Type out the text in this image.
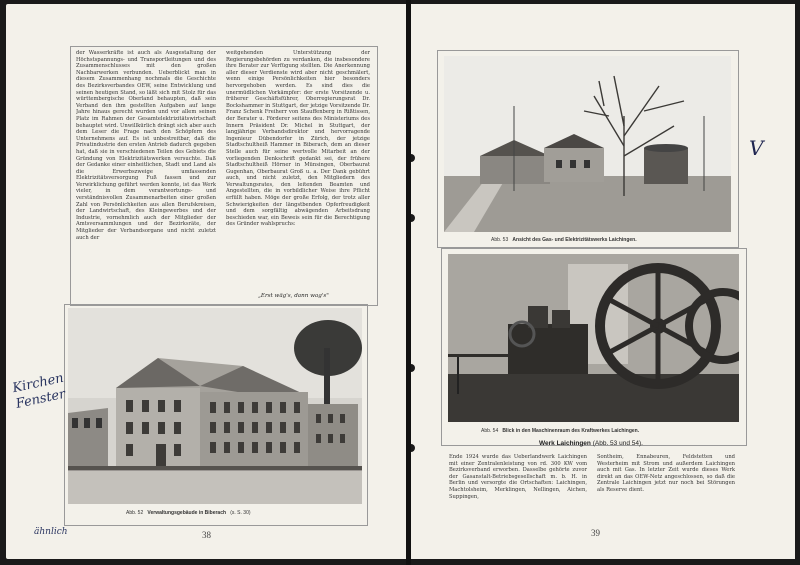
der Wasserkräfte ist auch als Ausgestaltung der Höchstspannungs- und Transportleitungen und des Zusammenschlusses mit den großen Nachbarwerken verbunden. Ueberblickt man in diesem Zusammenhang nochmals die Geschichte des Bezirksverbandes OEW, seine Entwicklung und seinen heutigen Stand, so läßt sich mit Stolz für das württembergische Oberland behaupten, daß sein Verband den ihm gestellten Aufgaben auf lange Jahre hinaus gerecht wurden und vor allem seinen Platz im Rahmen der Gesamtelektrizitätswirtschaft behauptet wird. Unwillkürlich drängt sich aber auch dem Leser die Frage nach den Schöpfern des Unternehmens auf. Es ist unbestreitbar, daß die Privatindustrie den ersten Antrieb dadurch gegeben hat, daß sie in verschiedenen Teilen des Gebiets die Gründung von Elektrizitätswerken versuchte. Daß der Gedanke einer einheitlichen, Stadt und Land als die Erwerbszweige umfassenden Elektrizitätsversorgung Fuß fassen und zur Verwirklichung geführt werden konnte, ist das Werk vieler, in dem verantwortungs- und verständnisvollen Zusammenarbeiten einer großen Zahl von Persönlichkeiten aus allen Berufskreisen, der Landwirtschaft, des Kleingewerbes und der Industrie, vornehmlich auch der Mitglieder der Amtsversammlungen und der Bezirksräte, der Mitglieder der Verbandsorgane und nicht zuletzt auch der
weitgehenden Unterstützung der Regierungsbehörden zu verdanken, die insbesondere ihre Berater zur Verfügung stellten. Die Anerkennung aller dieser Verdienste wird aber nicht geschmälert, wenn einige Persönlichkeiten hier besonders hervorgehoben werden. Es sind dies die unermüdlichen Vorkämpfer: der erste Vorsitzende u. früherer Geschäftsführer, Oberregierungsrat Dr. Bockshammer in Stuttgart, der jetzige Vorsitzende Dr. Franz Schenk Freiherr von Stauffenberg in Rißtissen, der Berater u. Förderer seitens des Ministeriums des Innern Präsident Dr. Michel in Stuttgart, der langjährige Verbandsdirektor und hervorragende Ingenieur Dübendorfer in Zürich, der jetzige Stadtschultheiß Hammer in Biberach, dem an dieser Stelle auch für seine wertvolle Mitarbeit an der vorliegenden Denkschrift gedankt sei, der frühere Stadtschultheiß Hörner in Münsingen, Oberbaurat Gugenhan, Oberbaurat Groß u. a. Der Dank gebührt auch, und nicht zuletzt, den Mitgliedern des Verwaltungsrates, den leitenden Beamten und Angestellten, die in vorbildlicher Weise ihre Pflicht erfüllt haben. Möge der große Erfolg, der trotz aller Schwierigkeiten der längstbenden Opferfreudigkeit und dem sorgfältig abwägenden Arbeitsdrang beschieden war, ein Beweis sein für die Berechtigung des Gründer wahlspruchs:
„Erst wäg's, dann wag's"
Abb. 52 Verwaltungsgebäude in Biberach (s. S. 30)
38
Kirchen Fenster
ähnlich
Abb. 53 Ansicht des Gas- und Elektrizitätswerks Laichingen.
V
Abb. 54 Blick in den Maschinenraum des Kraftwerkes Laichingen.
Werk Laichingen (Abb. 53 und 54).
Ende 1924 wurde das Ueberlandwerk Laichingen mit einer Zentralenleistung von rd. 300 KW vom Bezirksverband erworben. Dasselbe gehörte zuvor der Gasanstalt-Betriebsgesellschaft m. b. H. in Berlin und versorgte die Ortschaften: Laichingen, Machtolsheim, Merklingen, Nellingen, Aichen, Suppingen,
Sontheim, Ennabeuren, Feldstetten und Westerheim mit Strom und außerdem Laichingen auch mit Gas. In letzter Zeit wurde dieses Werk direkt an das OEW-Netz angeschlossen, so daß die Zentrale Laichingen jetzt nur noch bei Störungen als Reserve dient.
39
